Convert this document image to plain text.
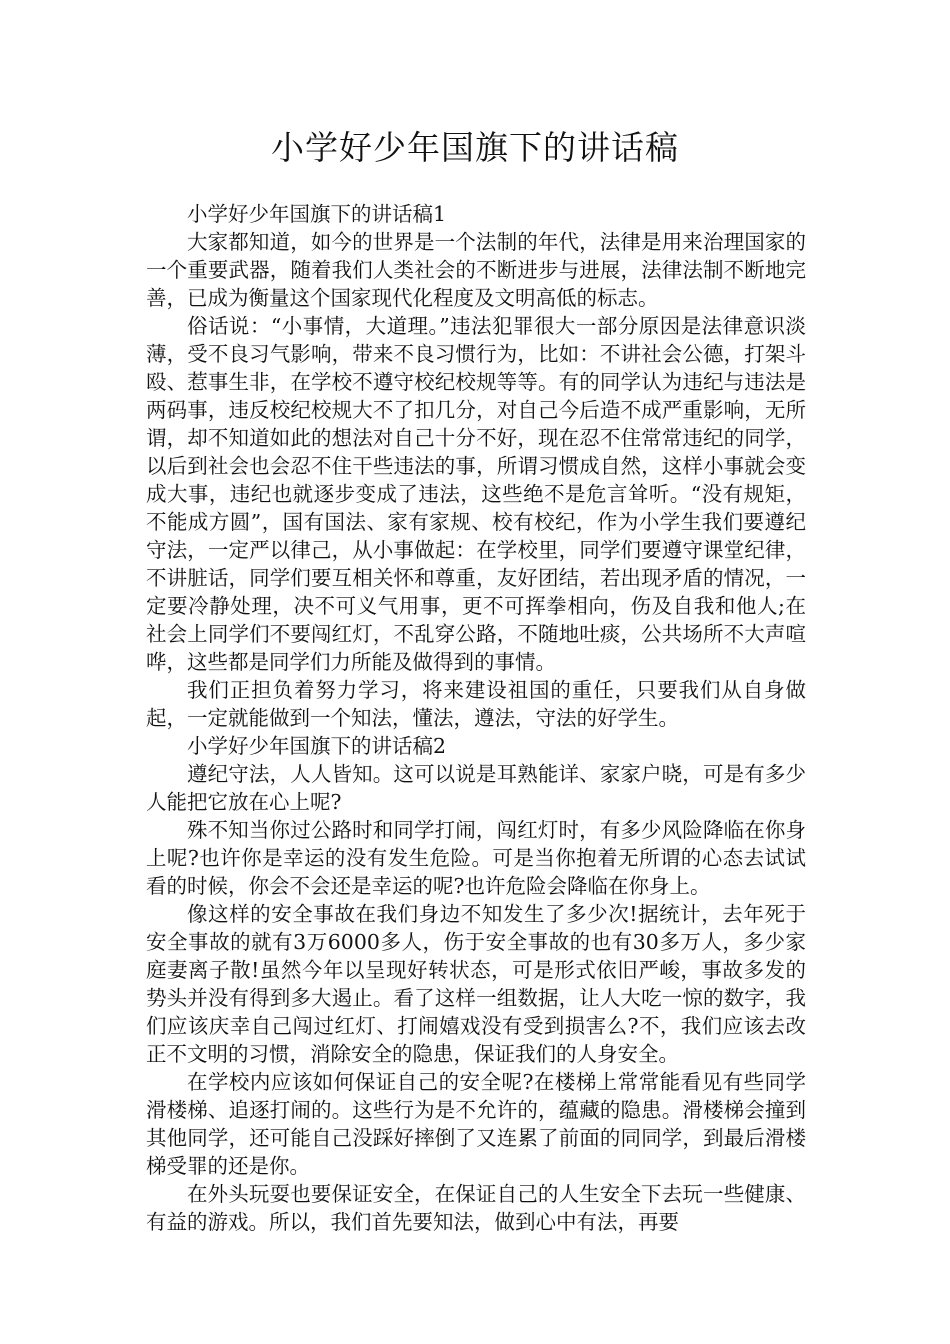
小学好少年国旗下的讲话稿

小学好少年国旗下的讲话稿1

大家都知道，如今的世界是一个法制的年代，法律是用来治理国家的一个重要武器，随着我们人类社会的不断进步与进展，法律法制不断地完善，已成为衡量这个国家现代化程度及文明高低的标志。

俗话说：“小事情，大道理。”违法犯罪很大一部分原因是法律意识淡薄，受不良习气影响，带来不良习惯行为，比如：不讲社会公德，打架斗殴、惹事生非，在学校不遵守校纪校规等等。有的同学认为违纪与违法是两码事，违反校纪校规大不了扣几分，对自己今后造不成严重影响，无所谓，却不知道如此的想法对自己十分不好，现在忍不住常常违纪的同学，以后到社会也会忍不住干些违法的事，所谓习惯成自然，这样小事就会变成大事，违纪也就逐步变成了违法，这些绝不是危言耸听。“没有规矩，不能成方圆”，国有国法、家有家规、校有校纪，作为小学生我们要遵纪守法，一定严以律己，从小事做起：在学校里，同学们要遵守课堂纪律，不讲脏话，同学们要互相关怀和尊重，友好团结，若出现矛盾的情况，一定要冷静处理，决不可义气用事，更不可挥拳相向，伤及自我和他人;在社会上同学们不要闯红灯，不乱穿公路，不随地吐痰，公共场所不大声喧哗，这些都是同学们力所能及做得到的事情。

我们正担负着努力学习，将来建设祖国的重任，只要我们从自身做起，一定就能做到一个知法，懂法，遵法，守法的好学生。

小学好少年国旗下的讲话稿2

遵纪守法，人人皆知。这可以说是耳熟能详、家家户晓，可是有多少人能把它放在心上呢?

殊不知当你过公路时和同学打闹，闯红灯时，有多少风险降临在你身上呢?也许你是幸运的没有发生危险。可是当你抱着无所谓的心态去试试看的时候，你会不会还是幸运的呢?也许危险会降临在你身上。

像这样的安全事故在我们身边不知发生了多少次!据统计，去年死于安全事故的就有3万6000多人，伤于安全事故的也有30多万人，多少家庭妻离子散!虽然今年以呈现好转状态，可是形式依旧严峻，事故多发的势头并没有得到多大遏止。看了这样一组数据，让人大吃一惊的数字，我们应该庆幸自己闯过红灯、打闹嬉戏没有受到损害么?不，我们应该去改正不文明的习惯，消除安全的隐患，保证我们的人身安全。

在学校内应该如何保证自己的安全呢?在楼梯上常常能看见有些同学滑楼梯、追逐打闹的。这些行为是不允许的，蕴藏的隐患。滑楼梯会撞到其他同学，还可能自己没踩好摔倒了又连累了前面的同同学，到最后滑楼梯受罪的还是你。

在外头玩耍也要保证安全，在保证自己的人生安全下去玩一些健康、有益的游戏。所以，我们首先要知法，做到心中有法，再要
